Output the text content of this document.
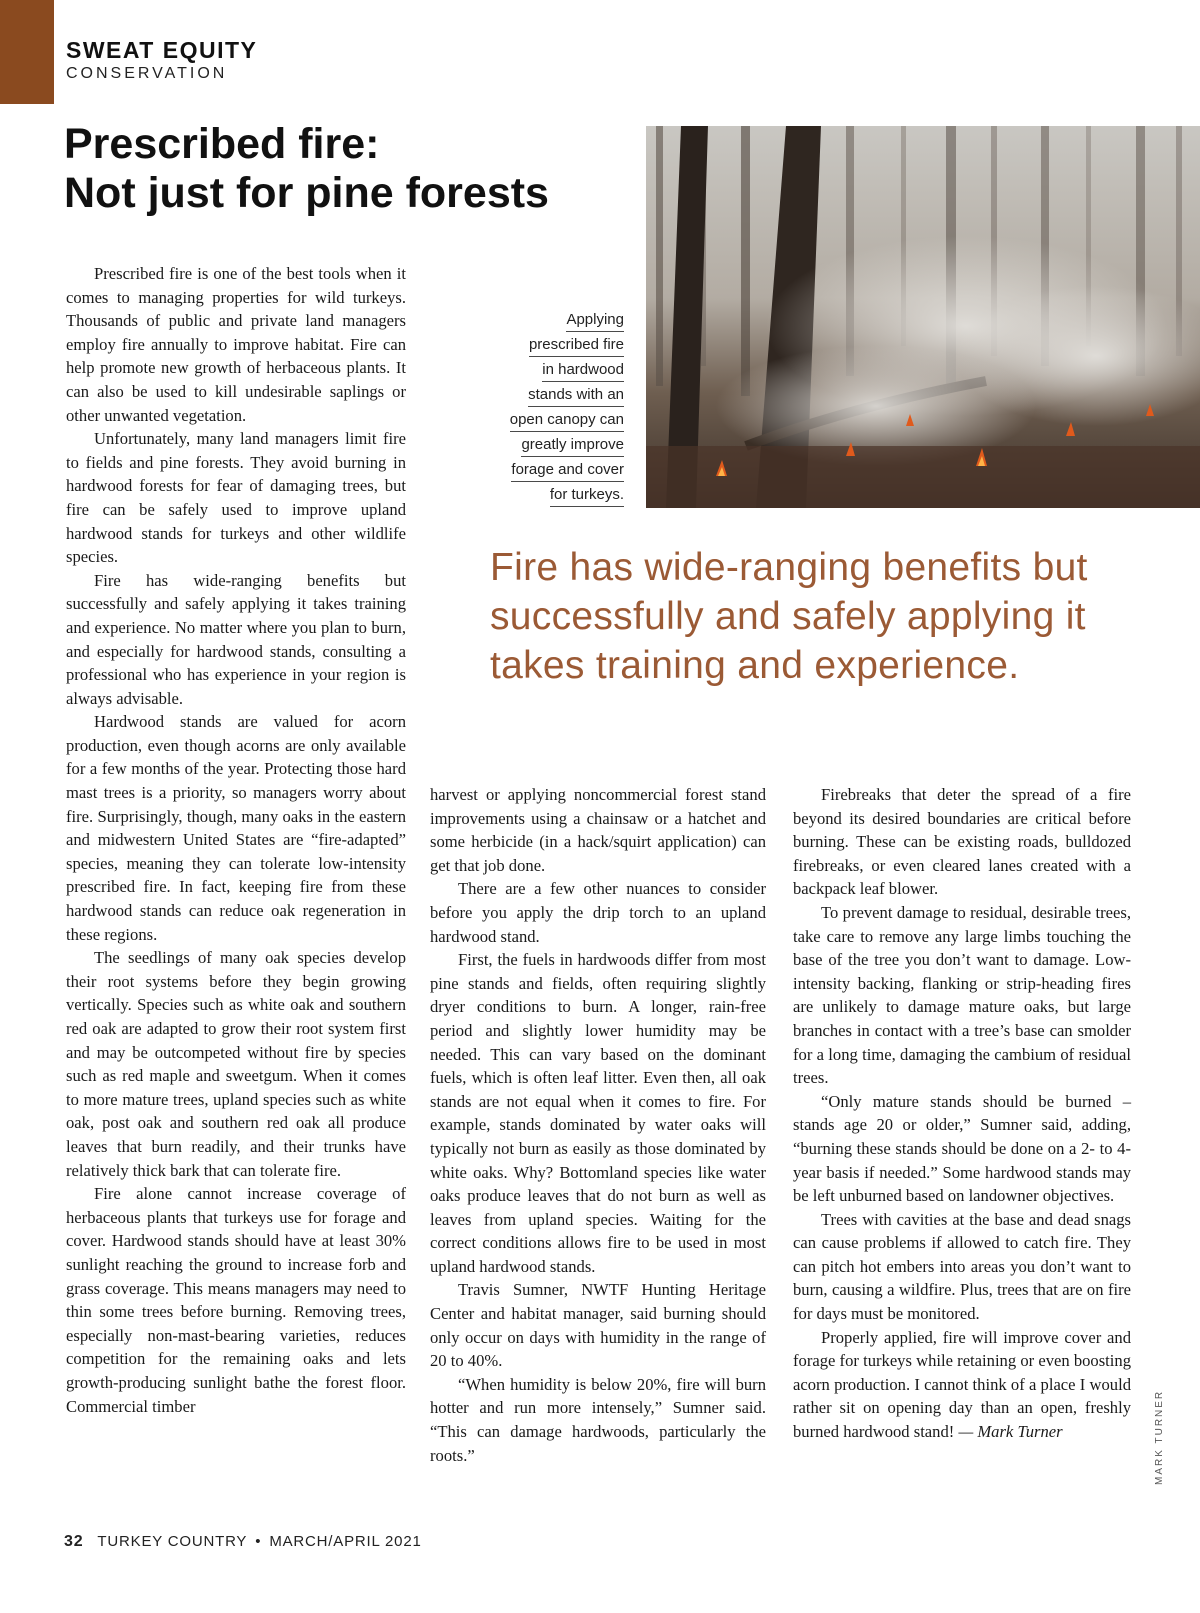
SWEAT EQUITY
CONSERVATION
Prescribed fire:
Not just for pine forests
Applying
prescribed fire
in hardwood
stands with an
open canopy can
greatly improve
forage and cover
for turkeys.

Fire has wide-ranging benefits but successfully and safely applying it takes training and experience.

Prescribed fire is one of the best tools when it comes to managing properties for wild turkeys. Thousands of public and private land managers employ fire annually to improve habitat. Fire can help promote new growth of herbaceous plants. It can also be used to kill undesirable saplings or other unwanted vegetation.

Unfortunately, many land managers limit fire to fields and pine forests. They avoid burning in hardwood forests for fear of damaging trees, but fire can be safely used to improve upland hardwood stands for turkeys and other wildlife species.

Fire has wide-ranging benefits but successfully and safely applying it takes training and experience. No matter where you plan to burn, and especially for hardwood stands, consulting a professional who has experience in your region is always advisable.

Hardwood stands are valued for acorn production, even though acorns are only available for a few months of the year. Protecting those hard mast trees is a priority, so managers worry about fire. Surprisingly, though, many oaks in the eastern and midwestern United States are “fire-adapted” species, meaning they can tolerate low-intensity prescribed fire. In fact, keeping fire from these hardwood stands can reduce oak regeneration in these regions.

The seedlings of many oak species develop their root systems before they begin growing vertically. Species such as white oak and southern red oak are adapted to grow their root system first and may be outcompeted without fire by species such as red maple and sweetgum. When it comes to more mature trees, upland species such as white oak, post oak and southern red oak all produce leaves that burn readily, and their trunks have relatively thick bark that can tolerate fire.

Fire alone cannot increase coverage of herbaceous plants that turkeys use for forage and cover. Hardwood stands should have at least 30% sunlight reaching the ground to increase forb and grass coverage. This means managers may need to thin some trees before burning. Removing trees, especially non-mast-bearing varieties, reduces competition for the remaining oaks and lets growth-producing sunlight bathe the forest floor. Commercial timber

harvest or applying noncommercial forest stand improvements using a chainsaw or a hatchet and some herbicide (in a hack/squirt application) can get that job done.

There are a few other nuances to consider before you apply the drip torch to an upland hardwood stand.

First, the fuels in hardwoods differ from most pine stands and fields, often requiring slightly dryer conditions to burn. A longer, rain-free period and slightly lower humidity may be needed. This can vary based on the dominant fuels, which is often leaf litter. Even then, all oak stands are not equal when it comes to fire. For example, stands dominated by water oaks will typically not burn as easily as those dominated by white oaks. Why? Bottomland species like water oaks produce leaves that do not burn as well as leaves from upland species. Waiting for the correct conditions allows fire to be used in most upland hardwood stands.

Travis Sumner, NWTF Hunting Heritage Center and habitat manager, said burning should only occur on days with humidity in the range of 20 to 40%.

“When humidity is below 20%, fire will burn hotter and run more intensely,” Sumner said. “This can damage hardwoods, particularly the roots.”

Firebreaks that deter the spread of a fire beyond its desired boundaries are critical before burning. These can be existing roads, bulldozed firebreaks, or even cleared lanes created with a backpack leaf blower.

To prevent damage to residual, desirable trees, take care to remove any large limbs touching the base of the tree you don’t want to damage. Low-intensity backing, flanking or strip-heading fires are unlikely to damage mature oaks, but large branches in contact with a tree’s base can smolder for a long time, damaging the cambium of residual trees.

“Only mature stands should be burned – stands age 20 or older,” Sumner said, adding, “burning these stands should be done on a 2- to 4-year basis if needed.” Some hardwood stands may be left unburned based on landowner objectives.

Trees with cavities at the base and dead snags can cause problems if allowed to catch fire. They can pitch hot embers into areas you don’t want to burn, causing a wildfire. Plus, trees that are on fire for days must be monitored.

Properly applied, fire will improve cover and forage for turkeys while retaining or even boosting acorn production. I cannot think of a place I would rather sit on opening day than an open, freshly burned hardwood stand! — Mark Turner	MARK TURNER
32 TURKEY COUNTRY • MARCH/APRIL 2021
